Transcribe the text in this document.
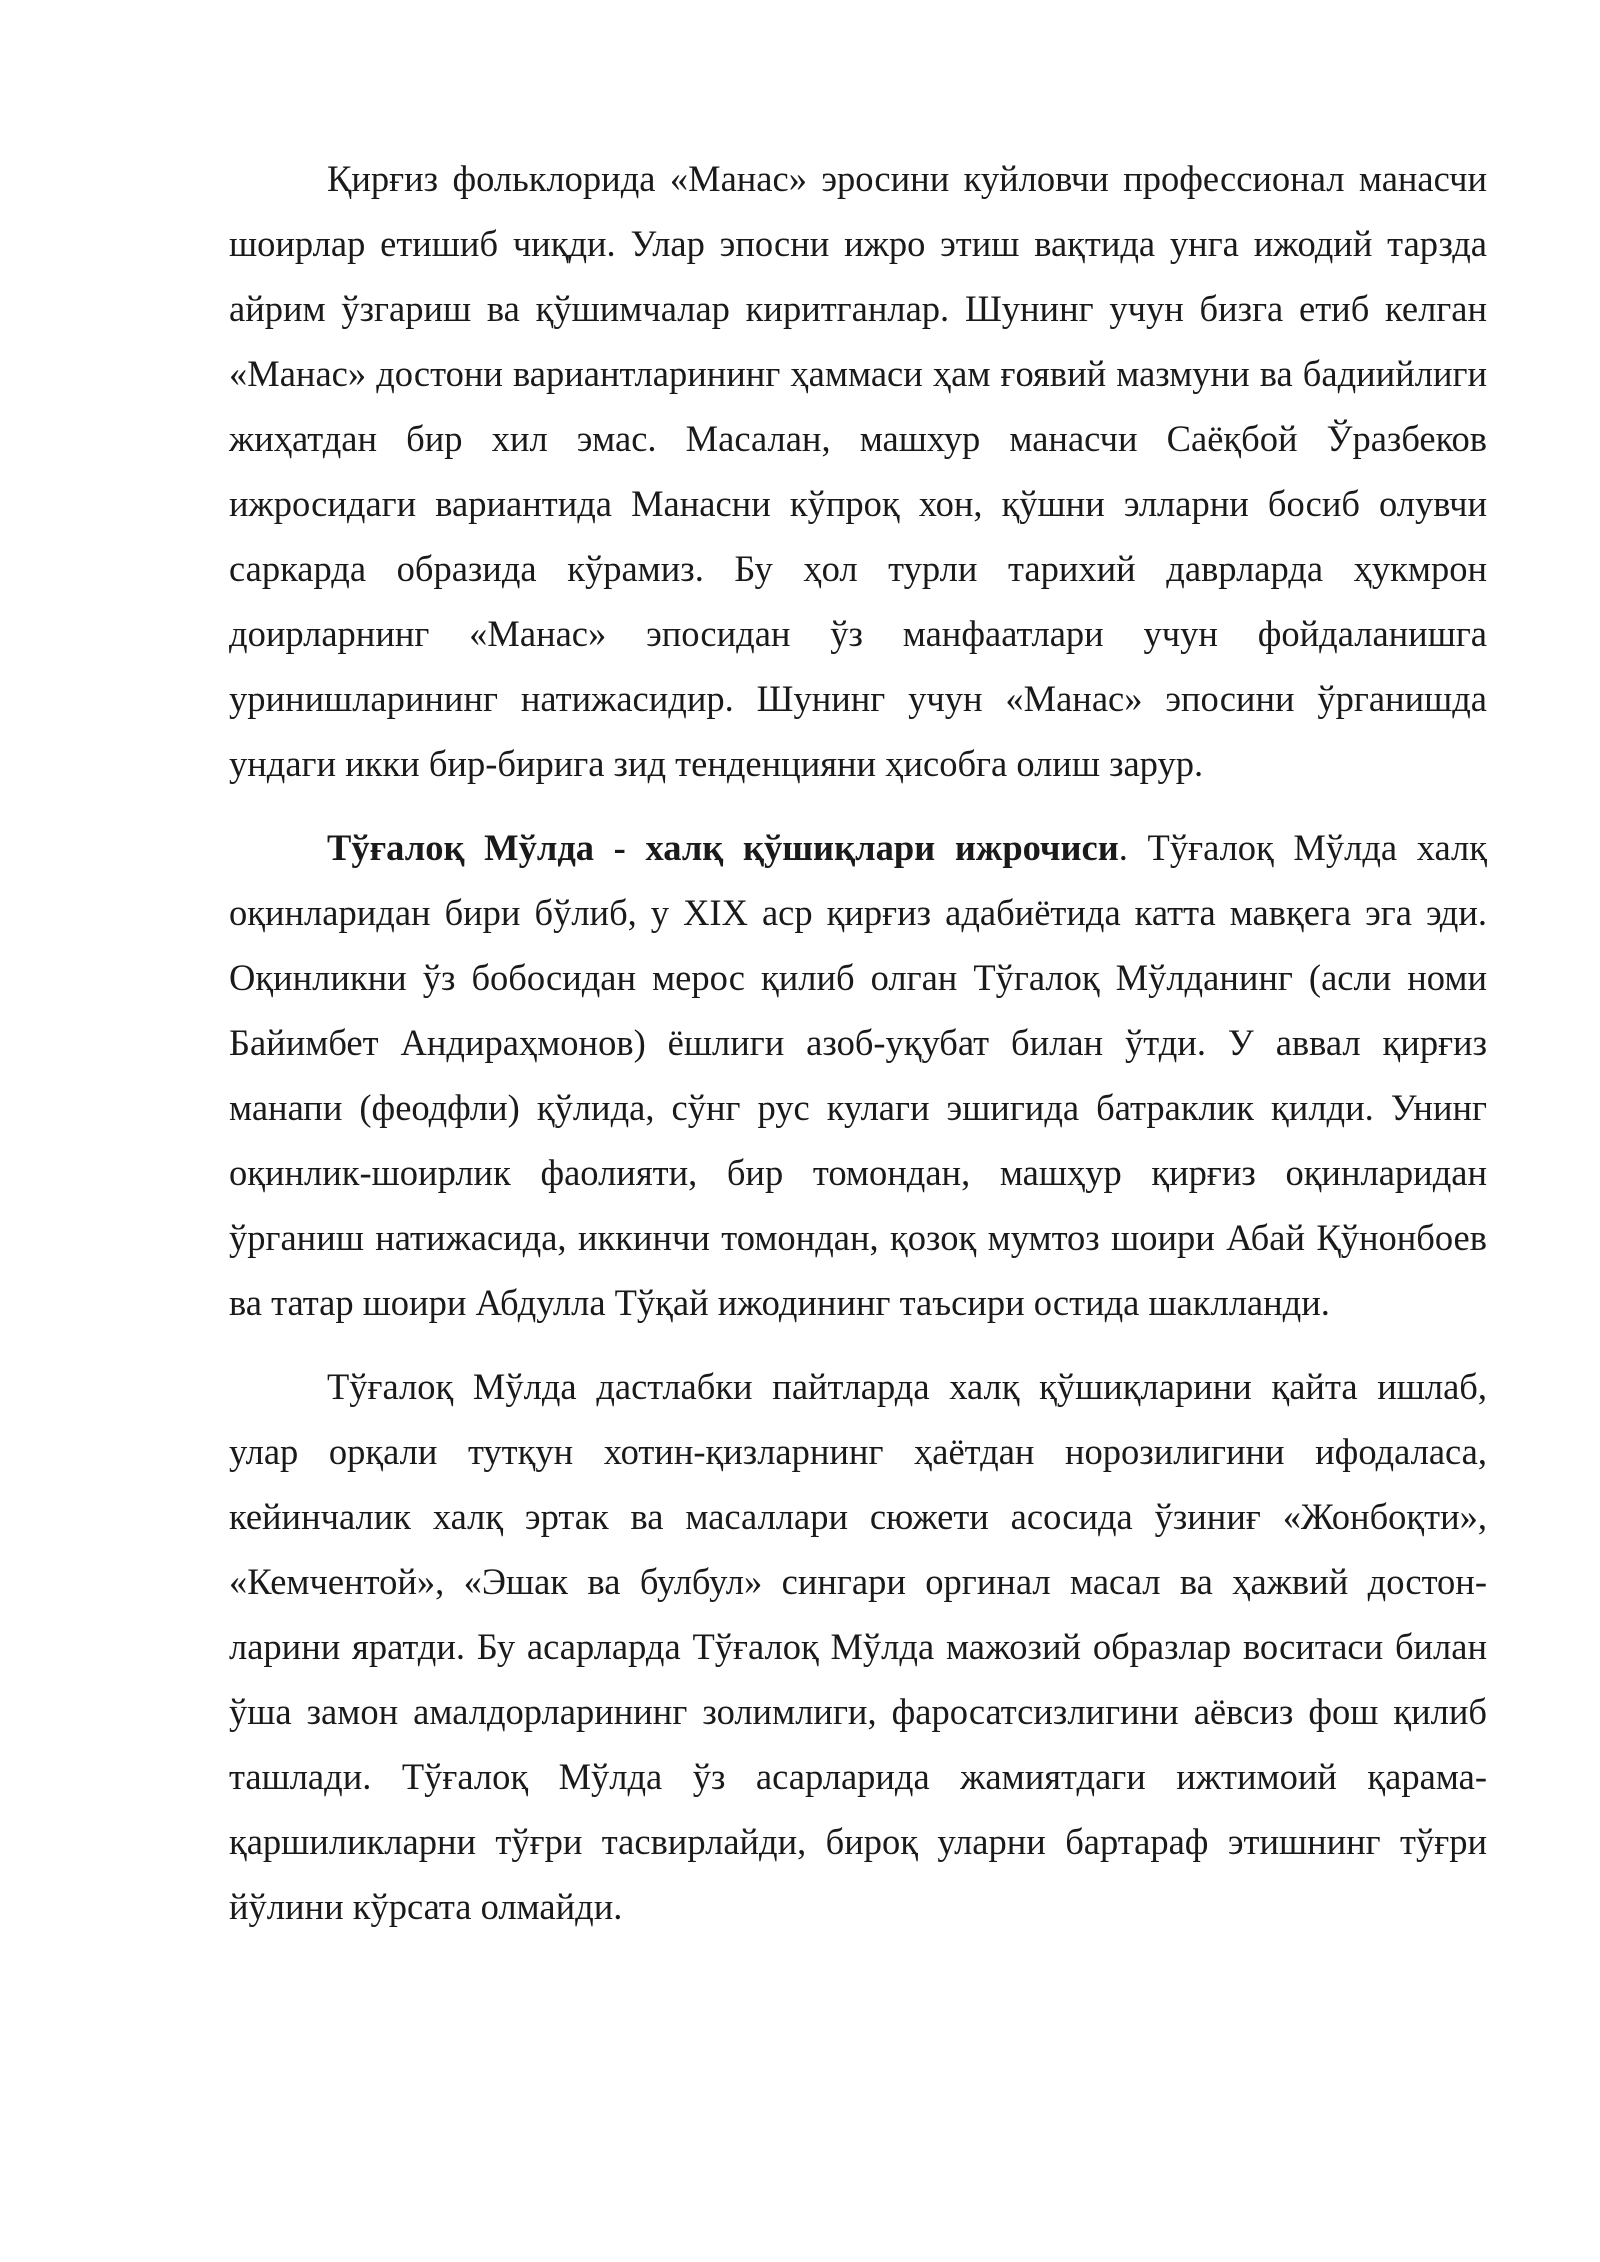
Қирғиз фольклорида «Манас» эросини куйловчи профессионал манасчи шоирлар етишиб чиқди. Улар эпосни ижро этиш вақтида унга ижодий тарзда айрим ўзгариш ва қўшимчалар киритганлар. Шунинг учун бизга етиб келган «Манас» достони вариантларининг ҳаммаси ҳам ғоявий мазмуни ва бадиийлиги жиҳатдан бир хил эмас. Масалан, машхур манасчи Саёқбой Ўразбеков ижросидаги вариантида Манасни кўпроқ хон, қўшни элларни босиб олувчи саркарда образида кўрамиз. Бу ҳол турли тарихий даврларда ҳукмрон доирларнинг «Манас» эпосидан ўз манфаатлари учун фойдаланишга уринишларининг натижасидир. Шунинг учун «Манас» эпосини ўрганишда ундаги икки бир-бирига зид тенденцияни ҳисобга олиш зарур.

Тўғалоқ Мўлда - халқ қўшиқлари ижрочиси. Тўғалоқ Мўлда халқ оқинларидан бири бўлиб, у XIX аср қирғиз адабиётида катта мавқега эга эди. Оқинликни ўз бобосидан мерос қилиб олган Тўгалоқ Мўлданинг (асли номи Байимбет Андираҳмонов) ёшлиги азоб-уқубат билан ўтди. У аввал қирғиз манапи (феодфли) қўлида, сўнг рус кулаги эшигида батраклик қилди. Унинг оқинлик-шоирлик фаолияти, бир томондан, машҳур қирғиз оқинларидан ўрганиш натижасида, иккинчи томондан, қозоқ мумтоз шоири Абай Қўнонбоев ва татар шоири Абдулла Тўқай ижодининг таъсири остида шаклланди.

Тўғалоқ Мўлда дастлабки пайтларда халқ қўшиқларини қайта ишлаб, улар орқали тутқун хотин-қизларнинг ҳаётдан норозилигини ифодаласа, кейинчалик халқ эртак ва масаллари сюжети асосида ўзиниғ «Жонбоқти», «Кемчентой», «Эшак ва булбул» сингари оргинал масал ва ҳажвий достон-ларини яратди. Бу асарларда Тўғалоқ Мўлда мажозий образлар воситаси билан ўша замон амалдорларининг золимлиги, фаросатсизлигини аёвсиз фош қилиб ташлади. Тўғалоқ Мўлда ўз асарларида жамиятдаги ижтимоий қарама-қаршиликларни тўғри тасвирлайди, бироқ уларни бартараф этишнинг тўғри йўлини кўрсата олмайди.
